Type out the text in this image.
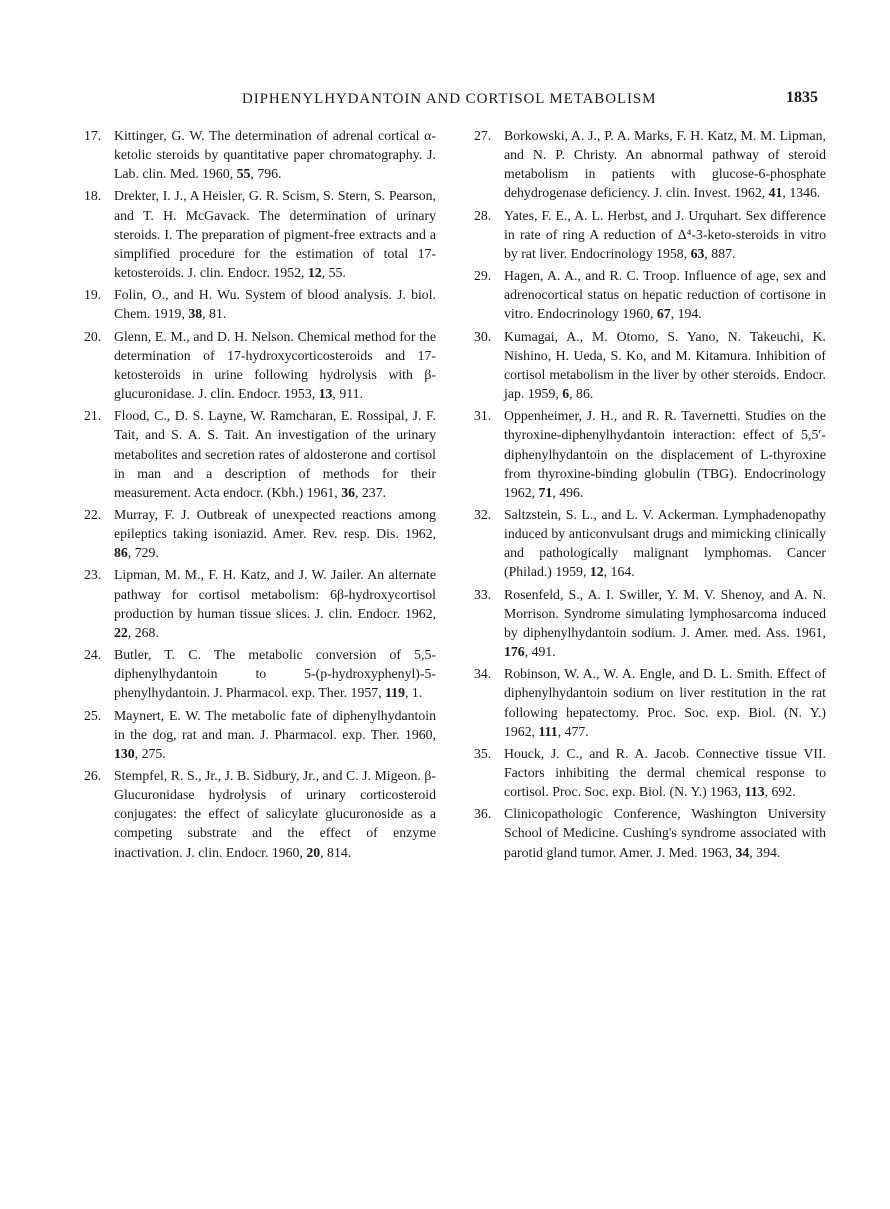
DIPHENYLHYDANTOIN AND CORTISOL METABOLISM	1835
17. Kittinger, G. W. The determination of adrenal cortical α-ketolic steroids by quantitative paper chromatography. J. Lab. clin. Med. 1960, 55, 796.
18. Drekter, I. J., A Heisler, G. R. Scism, S. Stern, S. Pearson, and T. H. McGavack. The determination of urinary steroids. I. The preparation of pigment-free extracts and a simplified procedure for the estimation of total 17-ketosteroids. J. clin. Endocr. 1952, 12, 55.
19. Folin, O., and H. Wu. System of blood analysis. J. biol. Chem. 1919, 38, 81.
20. Glenn, E. M., and D. H. Nelson. Chemical method for the determination of 17-hydroxycorticosteroids and 17-ketosteroids in urine following hydrolysis with β-glucuronidase. J. clin. Endocr. 1953, 13, 911.
21. Flood, C., D. S. Layne, W. Ramcharan, E. Rossipal, J. F. Tait, and S. A. S. Tait. An investigation of the urinary metabolites and secretion rates of aldosterone and cortisol in man and a description of methods for their measurement. Acta endocr. (Kbh.) 1961, 36, 237.
22. Murray, F. J. Outbreak of unexpected reactions among epileptics taking isoniazid. Amer. Rev. resp. Dis. 1962, 86, 729.
23. Lipman, M. M., F. H. Katz, and J. W. Jailer. An alternate pathway for cortisol metabolism: 6β-hydroxycortisol production by human tissue slices. J. clin. Endocr. 1962, 22, 268.
24. Butler, T. C. The metabolic conversion of 5,5-diphenylhydantoin to 5-(p-hydroxyphenyl)-5-phenylhydantoin. J. Pharmacol. exp. Ther. 1957, 119, 1.
25. Maynert, E. W. The metabolic fate of diphenylhydantoin in the dog, rat and man. J. Pharmacol. exp. Ther. 1960, 130, 275.
26. Stempfel, R. S., Jr., J. B. Sidbury, Jr., and C. J. Migeon. β-Glucuronidase hydrolysis of urinary corticosteroid conjugates: the effect of salicylate glucuronoside as a competing substrate and the effect of enzyme inactivation. J. clin. Endocr. 1960, 20, 814.
27. Borkowski, A. J., P. A. Marks, F. H. Katz, M. M. Lipman, and N. P. Christy. An abnormal pathway of steroid metabolism in patients with glucose-6-phosphate dehydrogenase deficiency. J. clin. Invest. 1962, 41, 1346.
28. Yates, F. E., A. L. Herbst, and J. Urquhart. Sex difference in rate of ring A reduction of Δ⁴-3-keto-steroids in vitro by rat liver. Endocrinology 1958, 63, 887.
29. Hagen, A. A., and R. C. Troop. Influence of age, sex and adrenocortical status on hepatic reduction of cortisone in vitro. Endocrinology 1960, 67, 194.
30. Kumagai, A., M. Otomo, S. Yano, N. Takeuchi, K. Nishino, H. Ueda, S. Ko, and M. Kitamura. Inhibition of cortisol metabolism in the liver by other steroids. Endocr. jap. 1959, 6, 86.
31. Oppenheimer, J. H., and R. R. Tavernetti. Studies on the thyroxine-diphenylhydantoin interaction: effect of 5,5′-diphenylhydantoin on the displacement of L-thyroxine from thyroxine-binding globulin (TBG). Endocrinology 1962, 71, 496.
32. Saltzstein, S. L., and L. V. Ackerman. Lymphadenopathy induced by anticonvulsant drugs and mimicking clinically and pathologically malignant lymphomas. Cancer (Philad.) 1959, 12, 164.
33. Rosenfeld, S., A. I. Swiller, Y. M. V. Shenoy, and A. N. Morrison. Syndrome simulating lymphosarcoma induced by diphenylhydantoin sodium. J. Amer. med. Ass. 1961, 176, 491.
34. Robinson, W. A., W. A. Engle, and D. L. Smith. Effect of diphenylhydantoin sodium on liver restitution in the rat following hepatectomy. Proc. Soc. exp. Biol. (N. Y.) 1962, 111, 477.
35. Houck, J. C., and R. A. Jacob. Connective tissue VII. Factors inhibiting the dermal chemical response to cortisol. Proc. Soc. exp. Biol. (N. Y.) 1963, 113, 692.
36. Clinicopathologic Conference, Washington University School of Medicine. Cushing's syndrome associated with parotid gland tumor. Amer. J. Med. 1963, 34, 394.
